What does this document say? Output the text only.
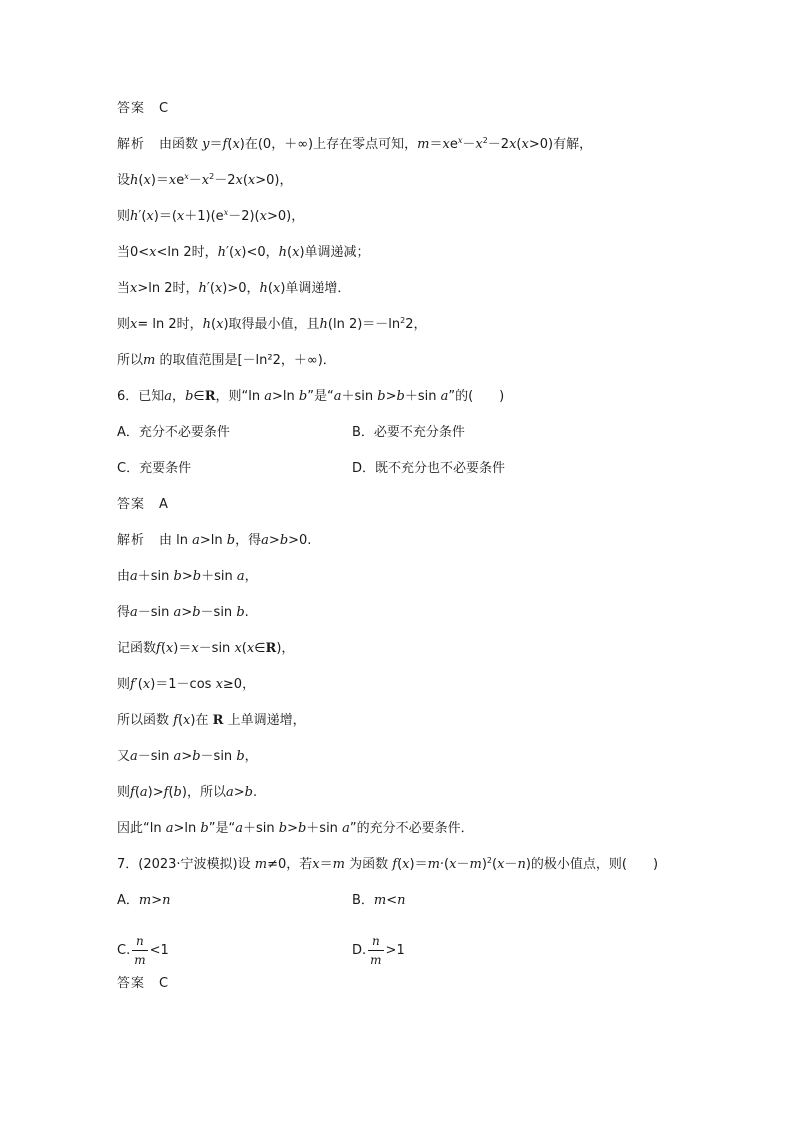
答案 C
解析 由函数 y＝f(x)在(0，＋∞)上存在零点可知，$m=xe^x-x^2-2x(x>0)$有解，
设$h(x)=xe^x-x^2-2x(x>0)$，
则$h'(x)=(x+1)(e^x-2)(x>0)$，
当0<x<ln 2时，h′(x)<0，h(x)单调递减；
当x>ln 2时，h′(x)>0，h(x)单调递增．
则x= ln 2时，h(x)取得最小值，且h(ln $2)=-\ln^22$，
所以m 的取值范围是[－ln²2，＋∞)．
6．已知a，b∈R，则“ln a>ln b”是“a＋sin b>b＋sin a”的(　　)
A．充分不必要条件	B．必要不充分条件
C．充要条件	D．既不充分也不必要条件
答案 A
解析 由 ln a>ln b，得a>b>0.
由a＋sin b>b＋sin a，
得a－sin a>b－sin b.
记函数f(x)＝x－sin x(x∈R)，
则f′(x)＝1－cos x≥0，
所以函数 f(x)在 R 上单调递增，
又a－sin a>b－sin b，
则f(a)>f(b)，所以a>b.
因此“ln a>ln b”是“a＋sin b>b＋sin a”的充分不必要条件．
7．(2023·宁波模拟)设 m≠0，若x＝m 为函数 $f(x)=m\cdot(x-m)^2(x-n)$的极小值点，则(　　)
A．m>n	B．m<n
C. $\frac{n}{m} <1$	D. $\frac{n}{m} >1$
答案 C
